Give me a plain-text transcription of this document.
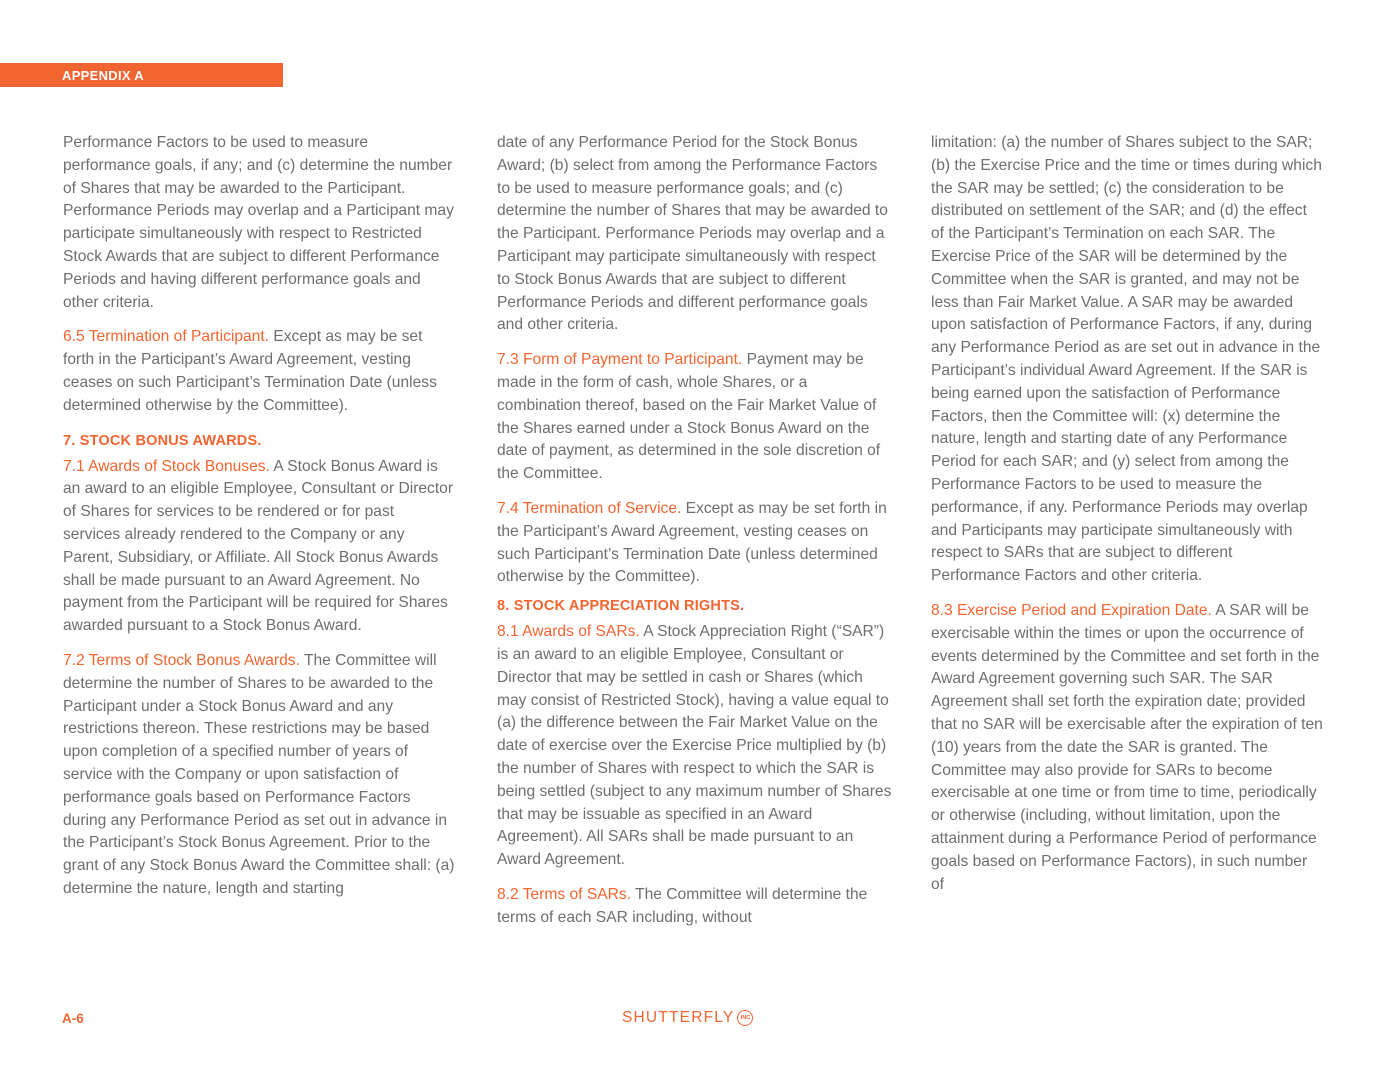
APPENDIX A

Performance Factors to be used to measure performance goals, if any; and (c) determine the number of Shares that may be awarded to the Participant. Performance Periods may overlap and a Participant may participate simultaneously with respect to Restricted Stock Awards that are subject to different Performance Periods and having different performance goals and other criteria.

6.5 Termination of Participant. Except as may be set forth in the Participant’s Award Agreement, vesting ceases on such Participant’s Termination Date (unless determined otherwise by the Committee).

7. STOCK BONUS AWARDS.

7.1 Awards of Stock Bonuses. A Stock Bonus Award is an award to an eligible Employee, Consultant or Director of Shares for services to be rendered or for past services already rendered to the Company or any Parent, Subsidiary, or Affiliate. All Stock Bonus Awards shall be made pursuant to an Award Agreement. No payment from the Participant will be required for Shares awarded pursuant to a Stock Bonus Award.

7.2 Terms of Stock Bonus Awards. The Committee will determine the number of Shares to be awarded to the Participant under a Stock Bonus Award and any restrictions thereon. These restrictions may be based upon completion of a specified number of years of service with the Company or upon satisfaction of performance goals based on Performance Factors during any Performance Period as set out in advance in the Participant’s Stock Bonus Agreement. Prior to the grant of any Stock Bonus Award the Committee shall: (a) determine the nature, length and starting

date of any Performance Period for the Stock Bonus Award; (b) select from among the Performance Factors to be used to measure performance goals; and (c) determine the number of Shares that may be awarded to the Participant. Performance Periods may overlap and a Participant may participate simultaneously with respect to Stock Bonus Awards that are subject to different Performance Periods and different performance goals and other criteria.

7.3 Form of Payment to Participant. Payment may be made in the form of cash, whole Shares, or a combination thereof, based on the Fair Market Value of the Shares earned under a Stock Bonus Award on the date of payment, as determined in the sole discretion of the Committee.

7.4 Termination of Service. Except as may be set forth in the Participant’s Award Agreement, vesting ceases on such Participant’s Termination Date (unless determined otherwise by the Committee).

8. STOCK APPRECIATION RIGHTS.

8.1 Awards of SARs. A Stock Appreciation Right (“SAR”) is an award to an eligible Employee, Consultant or Director that may be settled in cash or Shares (which may consist of Restricted Stock), having a value equal to (a) the difference between the Fair Market Value on the date of exercise over the Exercise Price multiplied by (b) the number of Shares with respect to which the SAR is being settled (subject to any maximum number of Shares that may be issuable as specified in an Award Agreement). All SARs shall be made pursuant to an Award Agreement.

8.2 Terms of SARs. The Committee will determine the terms of each SAR including, without

limitation: (a) the number of Shares subject to the SAR; (b) the Exercise Price and the time or times during which the SAR may be settled; (c) the consideration to be distributed on settlement of the SAR; and (d) the effect of the Participant’s Termination on each SAR. The Exercise Price of the SAR will be determined by the Committee when the SAR is granted, and may not be less than Fair Market Value. A SAR may be awarded upon satisfaction of Performance Factors, if any, during any Performance Period as are set out in advance in the Participant’s individual Award Agreement. If the SAR is being earned upon the satisfaction of Performance Factors, then the Committee will: (x) determine the nature, length and starting date of any Performance Period for each SAR; and (y) select from among the Performance Factors to be used to measure the performance, if any. Performance Periods may overlap and Participants may participate simultaneously with respect to SARs that are subject to different Performance Factors and other criteria.

8.3 Exercise Period and Expiration Date. A SAR will be exercisable within the times or upon the occurrence of events determined by the Committee and set forth in the Award Agreement governing such SAR. The SAR Agreement shall set forth the expiration date; provided that no SAR will be exercisable after the expiration of ten (10) years from the date the SAR is granted. The Committee may also provide for SARs to become exercisable at one time or from time to time, periodically or otherwise (including, without limitation, upon the attainment during a Performance Period of performance goals based on Performance Factors), in such number of

A-6	SHUTTERFLY	INC
